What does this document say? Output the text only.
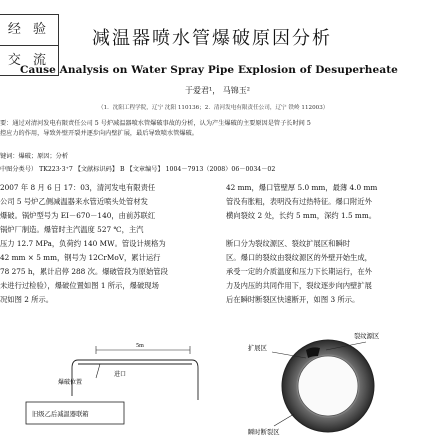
经 验
交 流
减温器喷水管爆破原因分析
Cause Analysis on Water Spray Pipe Explosion of Desuperheate
于爱君¹， 马锦玉²
（1．沈阳工程学院，辽宁 沈阳 110136；2．清河发电有限责任公司，辽宁 铁岭 112003）
要：通过对清河发电有限责任公司 5 号炉减温器喷水管爆破事故的分析，认为产生爆破的主要原因是管子长时间 5
控应力的作用，导致外壁开裂并逐步向内壁扩展，最后导致喷水管爆破。
键词：爆破；原因；分析
中图分类号） TK223·3⁺7 【文献标识码】 B 【文章编号】 1004－7913（2008）06－0034－02
2007 年 8 月 6 日 17：03，清河发电有限责任
公司 5 号炉乙侧减温器来水管近喷头处管材发
爆破。锅炉型号为 EI－670－140，由前苏联红
锅炉厂制造。爆管时主汽温度 527 ℃，主汽
压力 12.7 MPa，负荷约 140 MW。管设计规格为
42 mm × 5 mm，钢号为 12CrMoV，累计运行
78 275 h，累计启停 288 次。爆破管段为原始管段
未进行过检验），爆破位置如图 1 所示，爆破现场
况如图 2 所示。
42 mm，爆口管壁厚 5.0 mm，最薄 4.0 mm
管没有胀粗，表明没有过热特征。爆口附近外
横向裂纹 2 处，长约 5 mm，深约 1.5 mm。
断口分为裂纹源区、裂纹扩展区和瞬时
区。爆口的裂纹由裂纹源区的外壁开始生成，
承受一定的介质温度和压力下长期运行，在外
力及内压的共同作用下，裂纹逐步向内壁扩展
后在瞬时断裂区快速断开，如图 3 所示。
5m
爆破位置
进口
旧级乙后减温器联箱
裂纹源区
扩展区
瞬时断裂区
